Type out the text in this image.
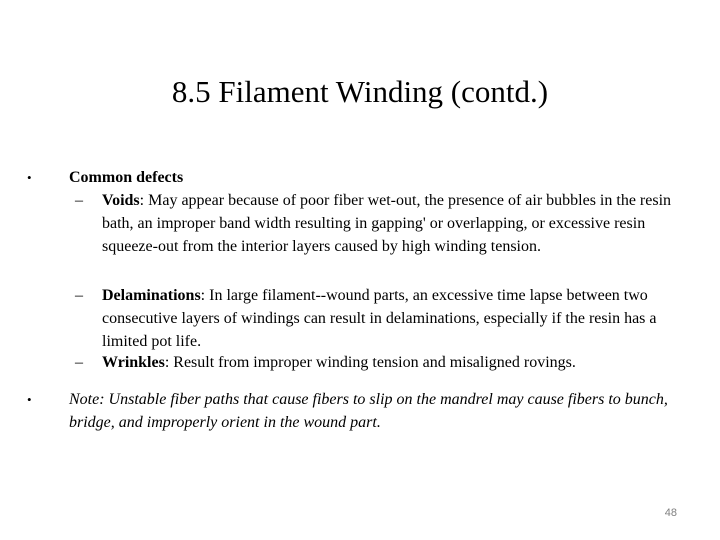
8.5 Filament Winding (contd.)
• Common defects
– Voids: May appear because of poor fiber wet‑out, the presence of air bubbles in the resin bath, an improper band width resulting in gapping' or overlapping, or excessive resin squeeze‑out from the interior layers caused by high winding tension.
– Delaminations: In large filament‑‑wound parts, an excessive time lapse between two consecutive layers of windings can result in delaminations, especially if the resin has a limited pot life.
– Wrinkles: Result from improper winding tension and misaligned rovings.
• Note: Unstable fiber paths that cause fibers to slip on the mandrel may cause fibers to bunch, bridge, and improperly orient in the wound part.
48
